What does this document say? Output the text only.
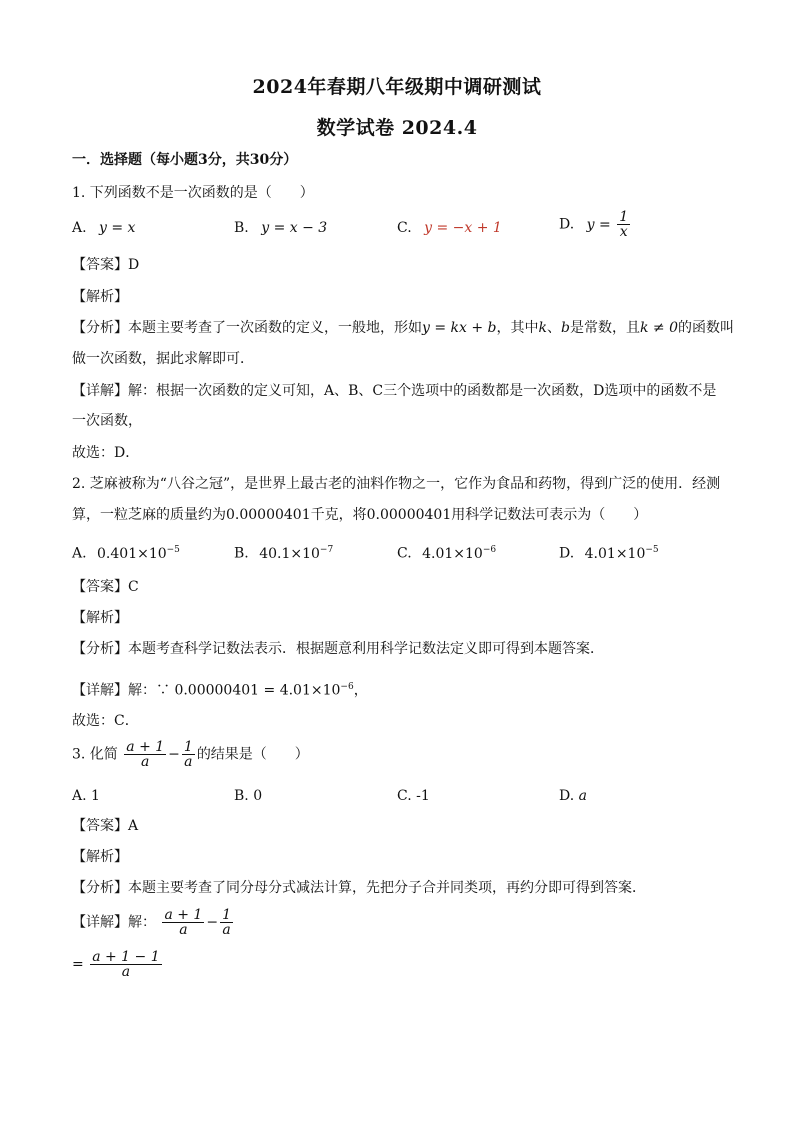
2024年春期八年级期中调研测试
数学试卷 2024.4
一．选择题（每小题3分，共30分）
1. 下列函数不是一次函数的是（　　）
A. y = x	B. y = x − 3	C. y = −x + 1	D. $y = \frac{1}{x}$
【答案】D
【解析】
【分析】本题主要考查了一次函数的定义，一般地，形如y = kx + b，其中k、b是常数，且k ≠ 0的函数叫
做一次函数，据此求解即可．
【详解】解：根据一次函数的定义可知，A、B、C三个选项中的函数都是一次函数，D选项中的函数不是
一次函数，
故选：D．
2. 芝麻被称为“八谷之冠”，是世界上最古老的油料作物之一，它作为食品和药物，得到广泛的使用．经测
算，一粒芝麻的质量约为0.00000401千克，将0.00000401用科学记数法可表示为（　　）
A. $0.401\times 10^{-5}$	B. $40.1\times 10^{-7}$	C. $4.01\times 10^{-6}$	D. $4.01\times 10^{-5}$
【答案】C
【解析】
【分析】本题考查科学记数法表示．根据题意利用科学记数法定义即可得到本题答案．
【详解】解：∵ $0.00000401 = 4.01\times 10^{-6}$，
故选：C．
3. 化简 $\frac{a + 1}{a} - \frac{1}{a}$ 的结果是（　　）
A. 1	B. 0	C. -1	D. a
【答案】A
【解析】
【分析】本题主要考查了同分母分式减法计算，先把分子合并同类项，再约分即可得到答案．
【详解】解： $\frac{a + 1}{a} - \frac{1}{a}$
= $\frac{a + 1 - 1}{a}$
